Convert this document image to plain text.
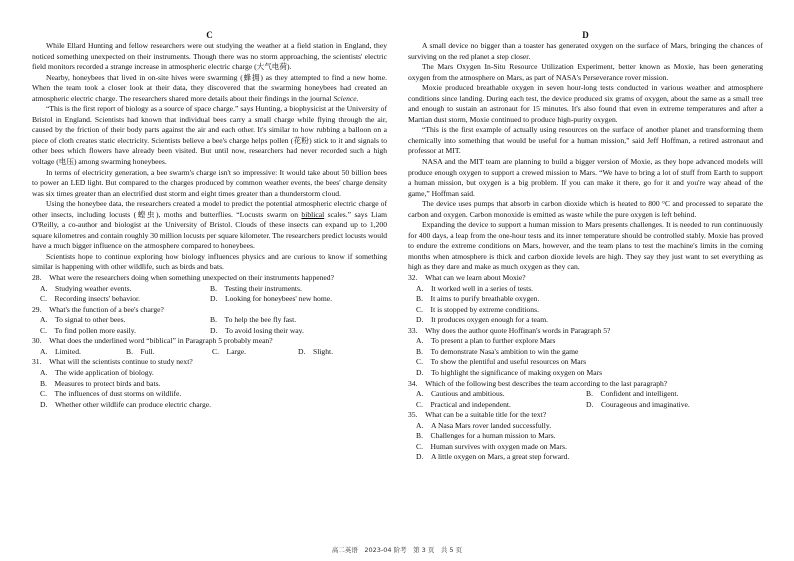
C

While Ellard Hunting and fellow researchers were out studying the weather at a field station in England, they noticed something unexpected on their instruments. Though there was no storm approaching, the scientists' electric field monitors recorded a strange increase in atmospheric electric charge (大气电荷).

Nearby, honeybees that lived in on-site hives were swarming (蜂拥) as they attempted to find a new home. When the team took a closer look at their data, they discovered that the swarming honeybees had created an atmospheric electric charge. The researchers shared more details about their findings in the journal Science.

“This is the first report of biology as a source of space charge.” says Hunting, a biophysicist at the University of Bristol in England. Scientists had known that individual bees carry a small charge while flying through the air, caused by the friction of their body parts against the air and each other. It's similar to how rubbing a balloon on a piece of cloth creates static electricity. Scientists believe a bee's charge helps pollen (花粉) stick to it and signals to other bees which flowers have already been visited. But until now, researchers had never recorded such a high voltage (电压) among swarming honeybees.

In terms of electricity generation, a bee swarm's charge isn't so impressive: It would take about 50 billion bees to power an LED light. But compared to the charges produced by common weather events, the bees' charge density was six times greater than an electrified dust storm and eight times greater than a thunderstorm cloud.

Using the honeybee data, the researchers created a model to predict the potential atmospheric electric charge of other insects, including locusts (蝗虫), moths and butterflies. “Locusts swarm on biblical scales.” says Liam O'Reilly, a co-author and biologist at the University of Bristol. Clouds of these insects can expand up to 1,200 square kilometres and contain roughly 30 million locusts per square kilometer. The researchers predict locusts would have a much bigger influence on the atmosphere compared to honeybees.

Scientists hope to continue exploring how biology influences physics and are curious to know if something similar is happening with other wildlife, such as birds and bats.

28. What were the researchers doing when something unexpected on their instruments happened?

A. Studying weather events.	B. Testing their instruments.
C. Recording insects' behavior.	D. Looking for honeybees' new home.

29. What's the function of a bee's charge?

A. To signal to other bees.	B. To help the bee fly fast.
C. To find pollen more easily.	D. To avoid losing their way.

30. What does the underlined word “biblical” in Paragraph 5 probably mean?

A. Limited.	B. Full.	C. Large.	D. Slight.

31. What will the scientists continue to study next?

A. The wide application of biology.
B. Measures to protect birds and bats.
C. The influences of dust storms on wildlife.
D. Whether other wildlife can produce electric charge.
D

A small device no bigger than a toaster has generated oxygen on the surface of Mars, bringing the chances of surviving on the red planet a step closer.

The Mars Oxygen In-Situ Resource Utilization Experiment, better known as Moxie, has been generating oxygen from the atmosphere on Mars, as part of NASA's Perseverance rover mission.

Moxie produced breathable oxygen in seven hour-long tests conducted in various weather and atmosphere conditions since landing. During each test, the device produced six grams of oxygen, about the same as a small tree and enough to sustain an astronaut for 15 minutes. It's also found that even in extreme temperatures and after a Martian dust storm, Moxie continued to produce high-purity oxygen.

“This is the first example of actually using resources on the surface of another planet and transforming them chemically into something that would be useful for a human mission,” said Jeff Hoffman, a retired astronaut and professor at MIT.

NASA and the MIT team are planning to build a bigger version of Moxie, as they hope advanced models will produce enough oxygen to support a crewed mission to Mars. “We have to bring a lot of stuff from Earth to support a human mission, but oxygen is a big problem. If you can make it there, go for it and you're way ahead of the game,” Hoffman said.

The device uses pumps that absorb in carbon dioxide which is heated to 800 °C and processed to separate the carbon and oxygen. Carbon monoxide is emitted as waste while the pure oxygen is left behind.

Expanding the device to support a human mission to Mars presents challenges. It is needed to run continuously for 400 days, a leap from the one-hour tests and its inner temperature should be controlled stably. Moxie has proved to endure the extreme conditions on Mars, however, and the team plans to test the machine's limits in the coming months when atmosphere is thick and carbon dioxide levels are high. They say they just want to set everything as high as they dare and make as much oxygen as they can.

32. What can we learn about Moxie?

A. It worked well in a series of tests.
B. It aims to purify breathable oxygen.
C. It is stopped by extreme conditions.
D. It produces oxygen enough for a team.

33. Why does the author quote Hoffinan's words in Paragraph 5?

A. To present a plan to further explore Mars
B. To demonstrate Nasa's ambition to win the game
C. To show the plentiful and useful resources on Mars
D. To highlight the significance of making oxygen on Mars

34. Which of the following best describes the team according to the last paragraph?

A. Cautious and ambitious.	B. Confident and intelligent.
C. Practical and independent.	D. Courageous and imaginative.

35. What can be a suitable title for the text?

A. A Nasa Mars rover landed successfully.
B. Challenges for a human mission to Mars.
C. Human survives with oxygen made on Mars.
D. A little oxygen on Mars, a great step forward.
高二英语 2023-04 阶考 第 3 页 共 5 页
